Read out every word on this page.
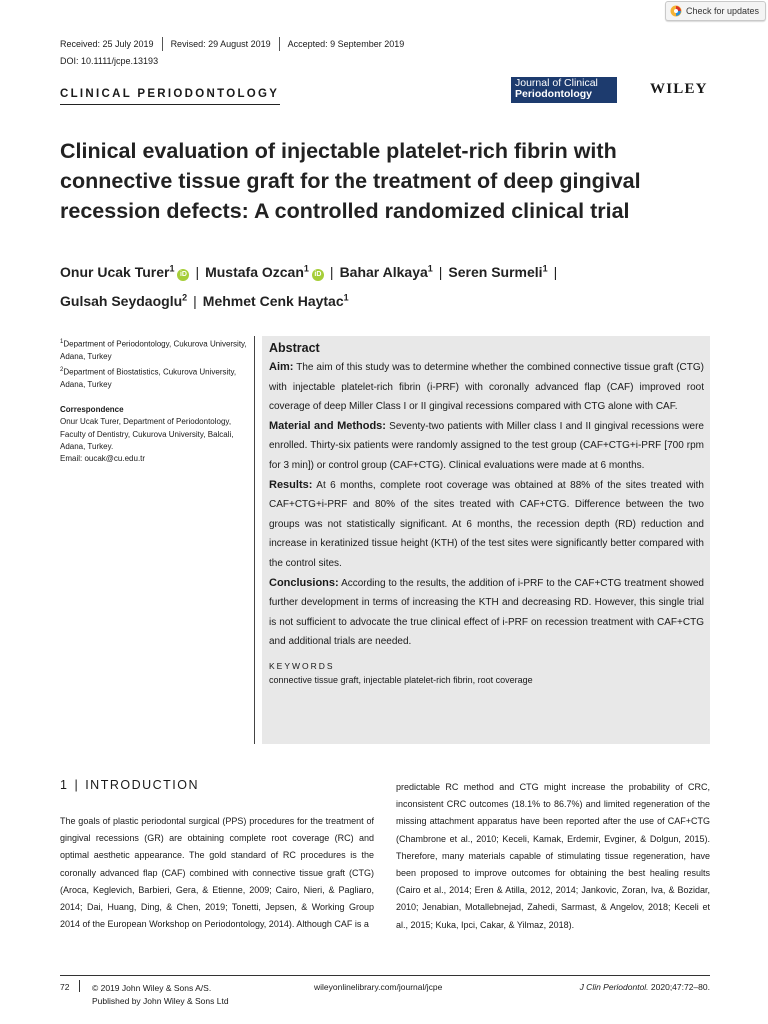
Check for updates
Received: 25 July 2019 Revised: 29 August 2019 Accepted: 9 September 2019
DOI: 10.1111/jcpe.13193
CLINICAL PERIODONTOLOGY
Journal of Clinical
Periodontology	WILEY
Clinical evaluation of injectable platelet-rich fibrin with connective tissue graft for the treatment of deep gingival recession defects: A controlled randomized clinical trial
Onur Ucak Turer$^1$iD | Mustafa Ozcan$^1$iD | Bahar Alkaya$^1$ | Seren Surmeli$^1$ |
Gulsah Seydaoglu$^2$ | Mehmet Cenk Haytac$^1$
$^1$Department of Periodontology, Cukurova University, Adana, Turkey
$^2$Department of Biostatistics, Cukurova University, Adana, Turkey
Correspondence
Onur Ucak Turer, Department of Periodontology, Faculty of Dentistry, Cukurova University, Balcali, Adana, Turkey.
Email: oucak@cu.edu.tr
Abstract

Aim: The aim of this study was to determine whether the combined connective tissue graft (CTG) with injectable platelet-rich fibrin (i-PRF) with coronally advanced flap (CAF) improved root coverage of deep Miller Class I or II gingival recessions compared with CTG alone with CAF.

Material and Methods: Seventy-two patients with Miller class I and II gingival recessions were enrolled. Thirty-six patients were randomly assigned to the test group (CAF+CTG+i-PRF [700 rpm for 3 min]) or control group (CAF+CTG). Clinical evaluations were made at 6 months.

Results: At 6 months, complete root coverage was obtained at 88% of the sites treated with CAF+CTG+i-PRF and 80% of the sites treated with CAF+CTG. Difference between the two groups was not statistically significant. At 6 months, the recession depth (RD) reduction and increase in keratinized tissue height (KTH) of the test sites were significantly better compared with the control sites.

Conclusions: According to the results, the addition of i-PRF to the CAF+CTG treatment showed further development in terms of increasing the KTH and decreasing RD. However, this single trial is not sufficient to advocate the true clinical effect of i-PRF on recession treatment with CAF+CTG and additional trials are needed.

KEYWORDS
connective tissue graft, injectable platelet-rich fibrin, root coverage
1 | INTRODUCTION
The goals of plastic periodontal surgical (PPS) procedures for the treatment of gingival recessions (GR) are obtaining complete root coverage (RC) and optimal aesthetic appearance. The gold standard of RC procedures is the coronally advanced flap (CAF) combined with connective tissue graft (CTG) (Aroca, Keglevich, Barbieri, Gera, & Etienne, 2009; Cairo, Nieri, & Pagliaro, 2014; Dai, Huang, Ding, & Chen, 2019; Tonetti, Jepsen, & Working Group 2014 of the European Workshop on Periodontology, 2014). Although CAF is a
predictable RC method and CTG might increase the probability of CRC, inconsistent CRC outcomes (18.1% to 86.7%) and limited regeneration of the missing attachment apparatus have been reported after the use of CAF+CTG (Chambrone et al., 2010; Keceli, Kamak, Erdemir, Evginer, & Dolgun, 2015). Therefore, many materials capable of stimulating tissue regeneration, have been proposed to improve outcomes for obtaining the best healing results (Cairo et al., 2014; Eren & Atilla, 2012, 2014; Jankovic, Zoran, Iva, & Bozidar, 2010; Jenabian, Motallebnejad, Zahedi, Sarmast, & Angelov, 2018; Keceli et al., 2015; Kuka, Ipci, Cakar, & Yilmaz, 2018).
72	© 2019 John Wiley & Sons A/S.
Published by John Wiley & Sons Ltd
wileyonlinelibrary.com/journal/jcpe	J Clin Periodontol. 2020;47:72–80.
